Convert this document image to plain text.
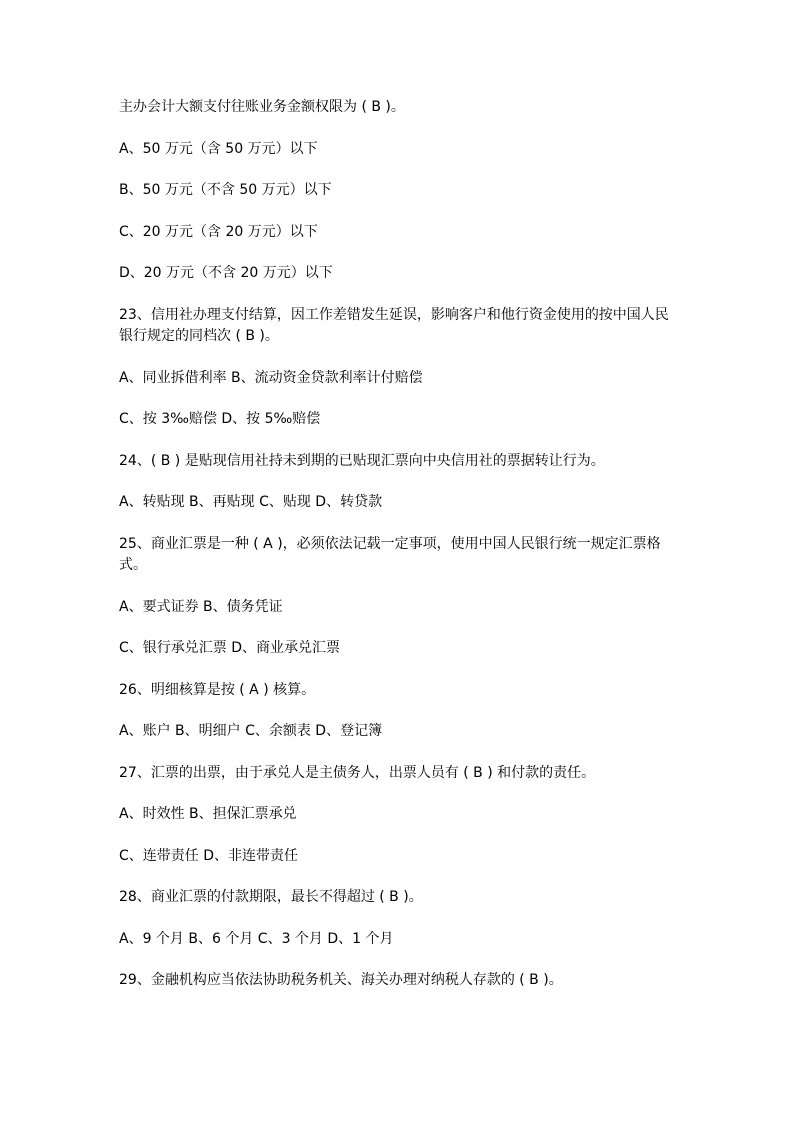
主办会计大额支付往账业务金额权限为 ( B )。
A、50 万元（含 50 万元）以下
B、50 万元（不含 50 万元）以下
C、20 万元（含 20 万元）以下
D、20 万元（不含 20 万元）以下
23、信用社办理支付结算，因工作差错发生延误，影响客户和他行资金使用的按中国人民
银行规定的同档次 ( B )。
A、同业拆借利率 B、流动资金贷款利率计付赔偿
C、按 3‰赔偿 D、按 5‰赔偿
24、( B ) 是贴现信用社持未到期的已贴现汇票向中央信用社的票据转让行为。
A、转贴现 B、再贴现 C、贴现 D、转贷款
25、商业汇票是一种 ( A )，必须依法记载一定事项，使用中国人民银行统一规定汇票格
式。
A、要式证券 B、债务凭证
C、银行承兑汇票 D、商业承兑汇票
26、明细核算是按 ( A ) 核算。
A、账户 B、明细户 C、余额表 D、登记簿
27、汇票的出票，由于承兑人是主债务人，出票人员有 ( B ) 和付款的责任。
A、时效性 B、担保汇票承兑
C、连带责任 D、非连带责任
28、商业汇票的付款期限，最长不得超过 ( B )。
A、9 个月 B、6 个月 C、3 个月 D、1 个月
29、金融机构应当依法协助税务机关、海关办理对纳税人存款的 ( B )。
